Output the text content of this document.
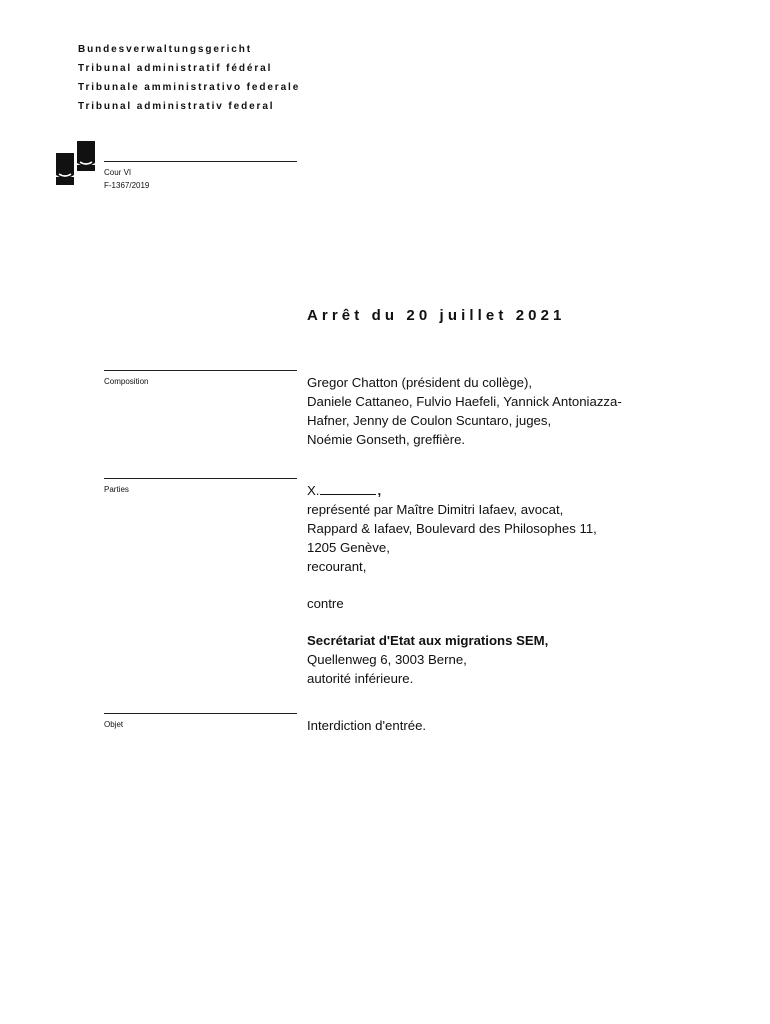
Bundesverwaltungsgericht
Tribunal administratif fédéral
Tribunale amministrativo federale
Tribunal administrativ federal
Cour VI
F-1367/2019
Arrêt du 20 juillet 2021
Composition	Gregor Chatton (président du collège),
Daniele Cattaneo, Fulvio Haefeli, Yannick Antoniazza-
Hafner, Jenny de Coulon Scuntaro, juges,
Noémie Gonseth, greffière.
Parties	X.	,
représenté par Maître Dimitri Iafaev, avocat,
Rappard & Iafaev, Boulevard des Philosophes 11,
1205 Genève,
recourant,
contre
Secrétariat d'Etat aux migrations SEM,
Quellenweg 6, 3003 Berne,
autorité inférieure.
Objet	Interdiction d'entrée.
